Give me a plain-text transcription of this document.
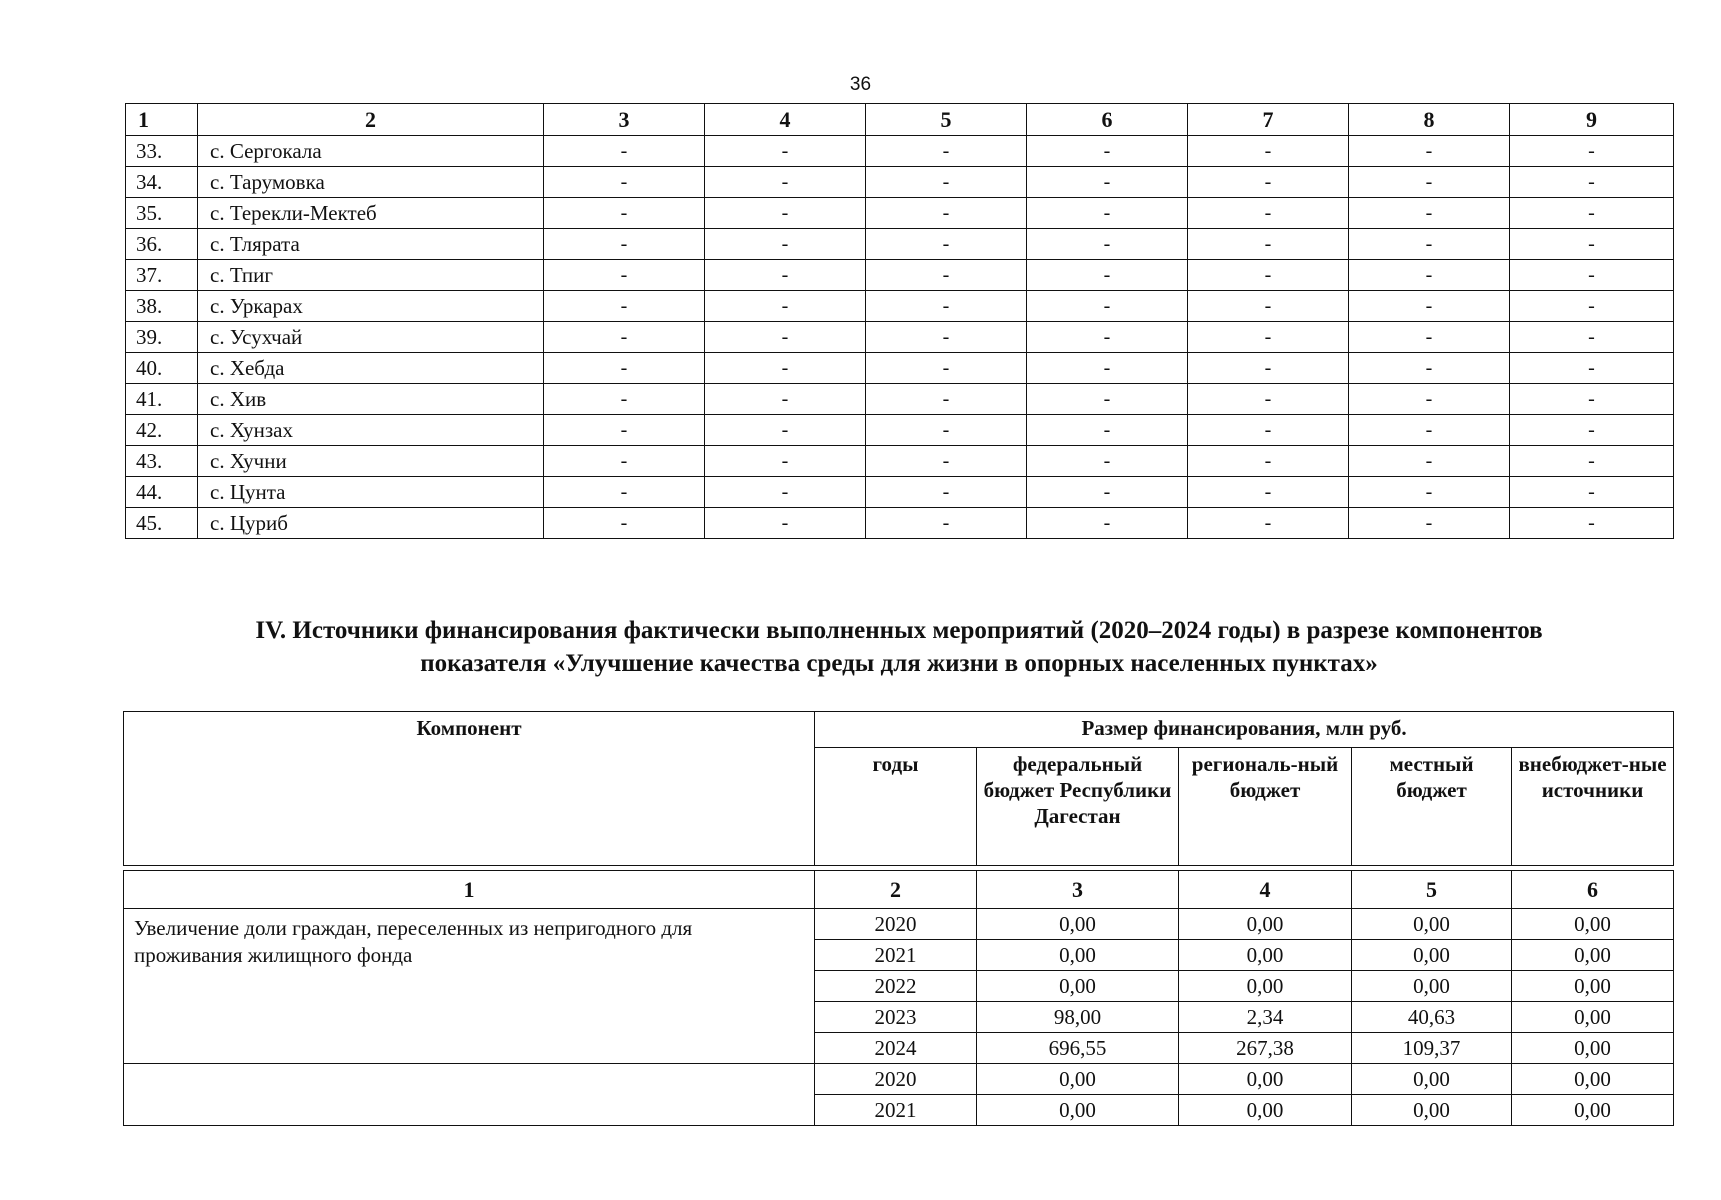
36
1	2	3	4	5	6	7	8	9
33.	с. Сергокала	-	-	-	-	-	-	-
34.	с. Тарумовка	-	-	-	-	-	-	-
35.	с. Терекли-Мектеб	-	-	-	-	-	-	-
36.	с. Тлярата	-	-	-	-	-	-	-
37.	с. Тпиг	-	-	-	-	-	-	-
38.	с. Уркарах	-	-	-	-	-	-	-
39.	с. Усухчай	-	-	-	-	-	-	-
40.	с. Хебда	-	-	-	-	-	-	-
41.	с. Хив	-	-	-	-	-	-	-
42.	с. Хунзах	-	-	-	-	-	-	-
43.	с. Хучни	-	-	-	-	-	-	-
44.	с. Цунта	-	-	-	-	-	-	-
45.	с. Цуриб	-	-	-	-	-	-	-
IV. Источники финансирования фактически выполненных мероприятий (2020–2024 годы) в разрезе компонентов
показателя «Улучшение качества среды для жизни в опорных населенных пунктах»
Компонент	Размер финансирования, млн руб.				
	годы	федеральный бюджет Республики Дагестан	региональ-ный бюджет	местный бюджет	внебюджет-ные источники

1	2	3	4	5	6
Увеличение доли граждан, переселенных из непригодного для проживания жилищного фонда	2020	0,00	0,00	0,00	0,00
	2021	0,00	0,00	0,00	0,00
	2022	0,00	0,00	0,00	0,00
	2023	98,00	2,34	40,63	0,00
	2024	696,55	267,38	109,37	0,00
	2020	0,00	0,00	0,00	0,00
	2021	0,00	0,00	0,00	0,00
